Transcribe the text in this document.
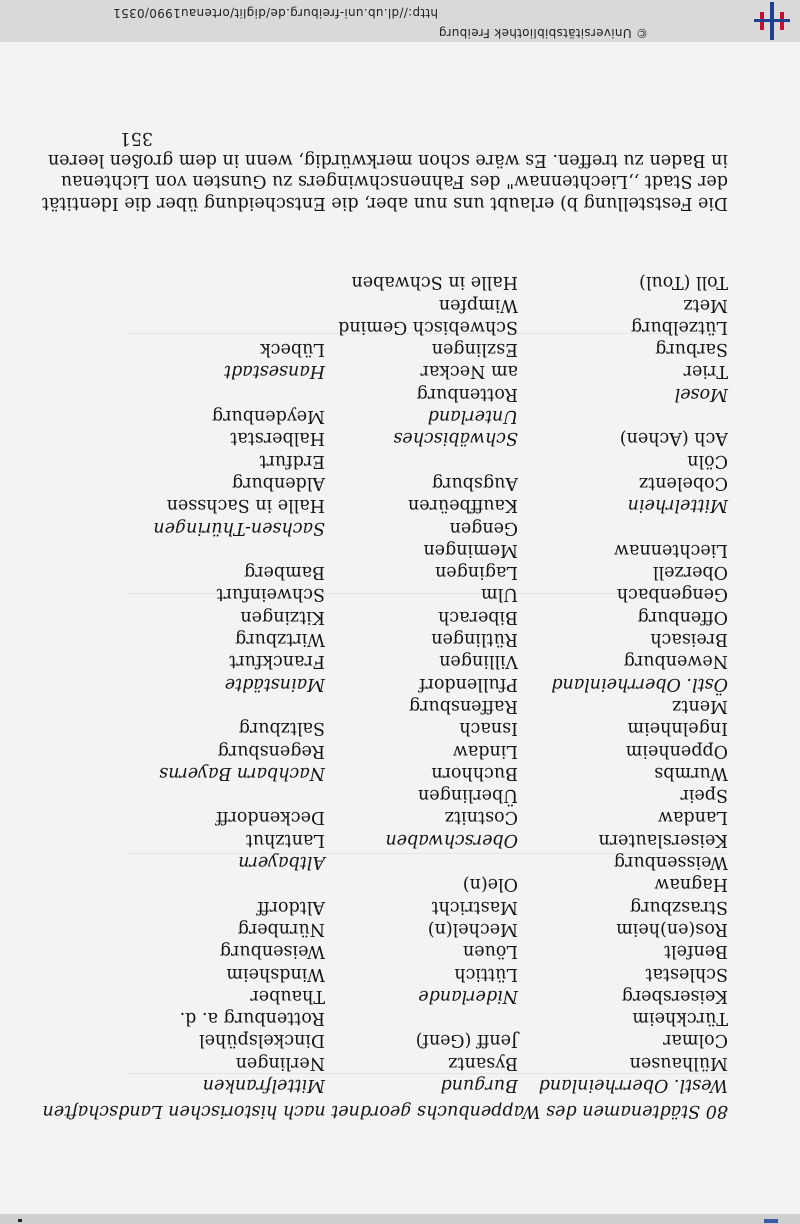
80 Städtenamen des Wappenbuchs geordnet nach historischen Landschaften
Westl. Oberrheinland
Mülhausen
Colmar
Türckheim
Keisersberg
Schlestat
Benfelt
Ros(en)heim
Straszburg
Hagnaw
Weissenburg
Keiserslautern
Landaw
Speir
Wurmbs
Oppenheim
Ingelnheim
Mentz
Östl. Oberrheinland
Newenburg
Breisach
Offenburg
Gengenbach
Oberzell
Liechtennaw
Mittelrhein
Cobelentz
Cöln
Ach (Achen)
Mosel
Trier
Sarburg
Lützelburg
Metz
Toll (Toul)
Burgund
Bysantz
Jenff (Genf)
Niderlande
Lüttich
Löuen
Mechel(n)
Mastricht
Ole(n)
Oberschwaben
Costnitz
Überlingen
Buchhorn
Lindaw
Isnach
Raffensburg
Pfullendorf
Villingen
Rütlingen
Biberach
Ulm
Lagingen
Memingen
Gengen
Kauffbeüren
Augsburg
Schwäbisches
Unterland
Rottenburg
am Neckar
Eszlingen
Schwebisch Gemind
Wimpfen
Halle in Schwaben
Mittelfranken
Nerlingen
Dinckelspühel
Rottenburg a. d.
Thauber
Windsheim
Weisenburg
Nürnberg
Altdorff
Altbayern
Lantzhut
Deckendorff
Nachbarn Bayerns
Regensburg
Saltzburg
Mainstädte
Franckfurt
Wirtzburg
Kitzingen
Schweinfurt
Bamberg
Sachsen-Thüringen
Halle in Sachssen
Aldenburg
Erdfurt
Halberstat
Meydenburg
Hansestadt
Lübeck
Die Feststellung b) erlaubt uns nun aber, die Entscheidung über die Identität
der Stadt ,,Liechtennaw" des Fahnenschwingers zu Gunsten von Lichtenau
in Baden zu treffen. Es wäre schon merkwürdig, wenn in dem großen leeren
351
© Universitätsbibliothek Freiburg
http://dl.ub.uni-freiburg.de/diglit/ortenau1990/0351
